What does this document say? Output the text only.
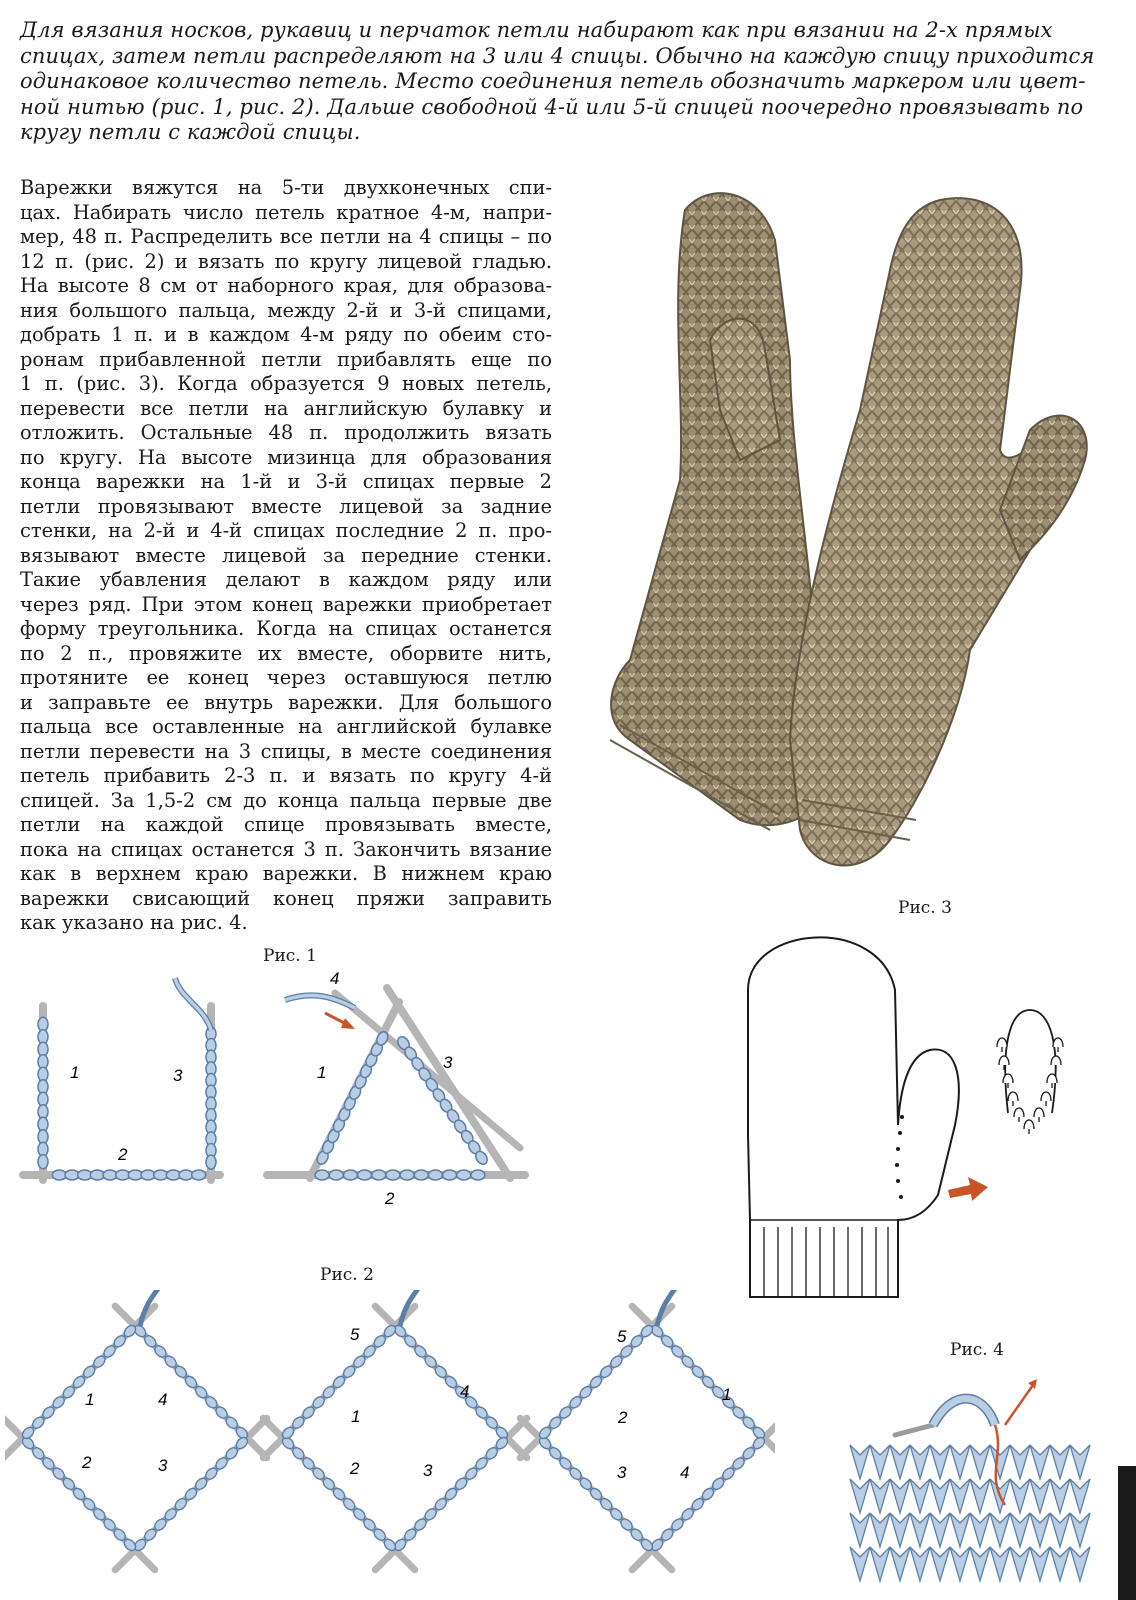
Для вязания носков, рукавиц и перчаток петли набирают как при вязании на 2-х прямых
спицах, затем петли распределяют на 3 или 4 спицы. Обычно на каждую спицу приходится
одинаковое количество петель. Место соединения петель обозначить маркером или цвет-
ной нитью (рис. 1, рис. 2). Дальше свободной 4-й или 5-й спицей поочередно провязывать по
кругу петли с каждой спицы.

Варежки вяжутся на 5-ти двухконечных спи-
цах. Набирать число петель кратное 4-м, напри-
мер, 48 п. Распределить все петли на 4 спицы – по
12 п. (рис. 2) и вязать по кругу лицевой гладью.
На высоте 8 см от наборного края, для образова-
ния большого пальца, между 2-й и 3-й спицами,
добрать 1 п. и в каждом 4-м ряду по обеим сто-
ронам прибавленной петли прибавлять еще по
1 п. (рис. 3). Когда образуется 9 новых петель,
перевести все петли на английскую булавку и
отложить. Остальные 48 п. продолжить вязать
по кругу. На высоте мизинца для образования
конца варежки на 1-й и 3-й спицах первые 2
петли провязывают вместе лицевой за задние
стенки, на 2-й и 4-й спицах последние 2 п. про-
вязывают вместе лицевой за передние стенки.
Такие убавления делают в каждом ряду или
через ряд. При этом конец варежки приобретает
форму треугольника. Когда на спицах останется
по 2 п., провяжите их вместе, оборвите нить,
протяните ее конец через оставшуюся петлю
и заправьте ее внутрь варежки. Для большого
пальца все оставленные на английской булавке
петли перевести на 3 спицы, в месте соединения
петель прибавить 2-3 п. и вязать по кругу 4-й
спицей. За 1,5-2 см до конца пальца первые две
петли на каждой спице провязывать вместе,
пока на спицах останется 3 п. Закончить вязание
как в верхнем краю варежки. В нижнем краю
варежки свисающий конец пряжи заправить
как указано на рис. 4.
Рис. 1
1
2
3
4
1
2
3
Рис. 2
1
2	3
4
1
2	3
4
5
1
2
3	4
5
Рис. 3
Рис. 4
